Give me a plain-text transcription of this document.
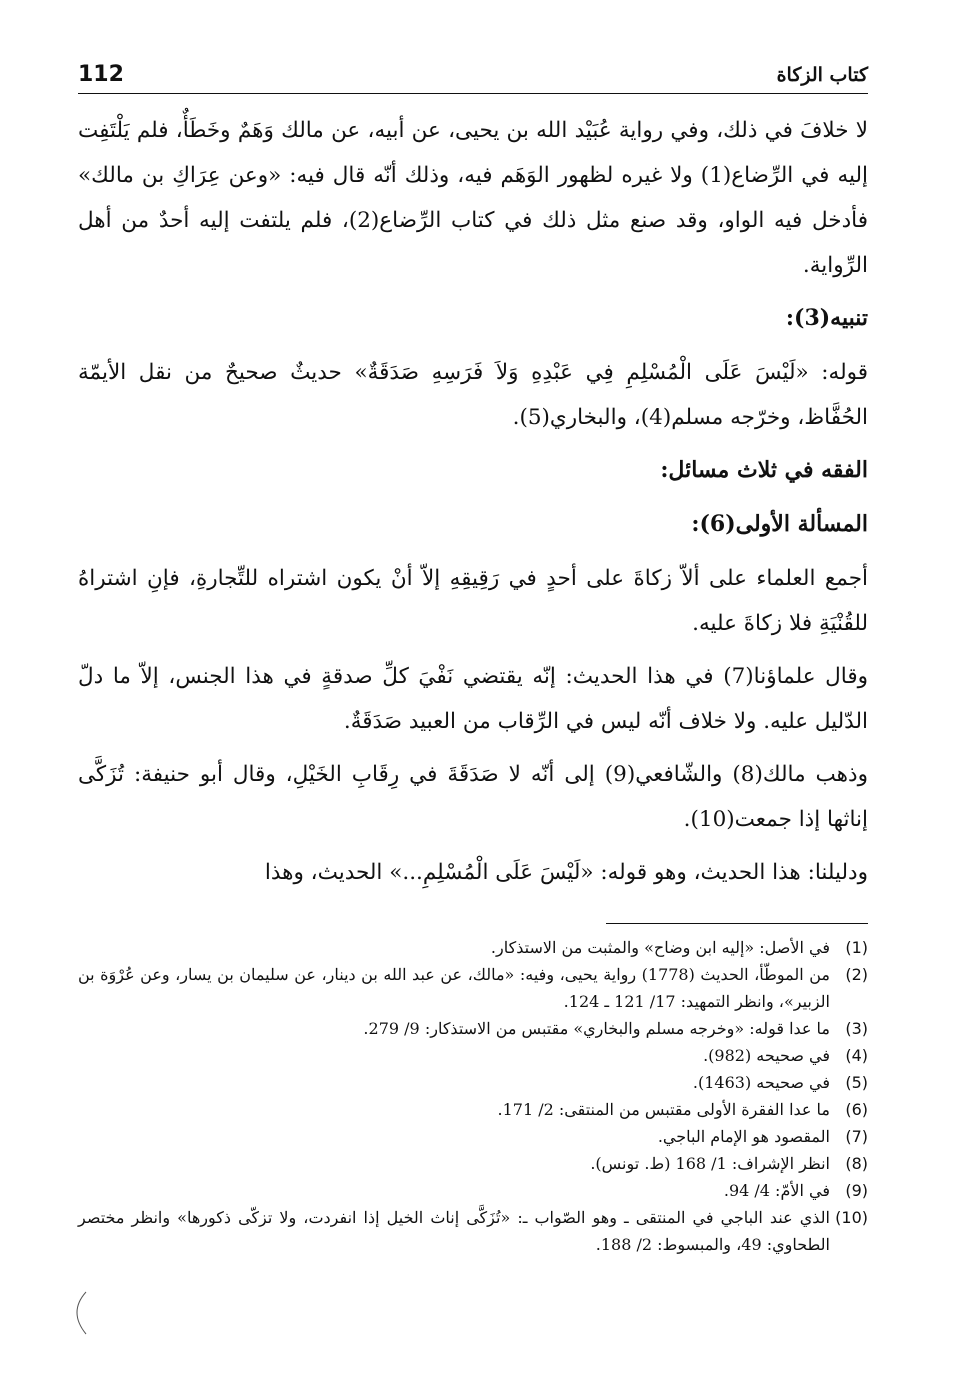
كتاب الزكاة
112

لا خلافَ في ذلك، وفي رواية عُبَيْد الله بن يحيى، عن أبيه، عن مالك وَهَمٌ وخَطَأٌ، فلم يَلْتَفِت إليه في الرِّضاع(1) ولا غيره لظهور الوَهَم فيه، وذلك أنّه قال فيه: «وعن عِرَاكِ بن مالك» فأدخل فيه الواو، وقد صنع مثل ذلك في كتاب الرِّضاع(2)، فلم يلتفت إليه أحدٌ من أهل الرِّواية.

تنبيه(3):

قوله: «لَيْسَ عَلَى الْمُسْلِمِ فِي عَبْدِهِ وَلاَ فَرَسِهِ صَدَقَةٌ» حديثٌ صحيحٌ من نقل الأيمّة الحُفَّاظ، وخرّجه مسلم(4)، والبخاري(5).

الفقه في ثلاث مسائل:
المسألة الأولى(6):

أجمع العلماء على ألاّ زكاةَ على أحدٍ في رَقِيقِهِ إلاّ أنْ يكون اشتراه للتِّجارةِ، فإنِ اشتراهُ للقُنْيَةِ فلا زكاةَ عليه.

وقال علماؤنا(7) في هذا الحديث: إنّه يقتضي نَفْيَ كلِّ صدقةٍ في هذا الجنس، إلاّ ما دلّ الدّليل عليه. ولا خلاف أنّه ليس في الرِّقاب من العبيد صَدَقَةٌ.

وذهب مالك(8) والشّافعي(9) إلى أنّه لا صَدَقَةَ في رِقَابِ الخَيْلِ، وقال أبو حنيفة: تُزَكَّى إناثها إذا جمعت(10).

ودليلنا: هذا الحديث، وهو قوله: «لَيْسَ عَلَى الْمُسْلِمِ...» الحديث، وهذا

(1)
في الأصل: «إليه ابن وضاح» والمثبت من الاستذكار.
(2)
من الموطّأ، الحديث (1778) رواية يحيى، وفيه: «مالك، عن عبد الله بن دينار، عن سليمان بن يسار، وعن عُرْوَة بن الزبير»، وانظر التمهيد: 17/ 121 ـ 124.
(3)
ما عدا قوله: «وخرجه مسلم والبخاري» مقتبس من الاستذكار: 9/ 279.
(4)
في صحيحه (982).
(5)
في صحيحه (1463).
(6)
ما عدا الفقرة الأولى مقتبس من المنتقى: 2/ 171.
(7)
المقصود هو الإمام الباجي.
(8)
انظر الإشراف: 1/ 168 (ط. تونس).
(9)
في الأمّ: 4/ 94.
(10)
الذي عند الباجي في المنتقى ـ وهو الصّواب ـ: «تُزَكَّى إناث الخيل إذا انفردت، ولا تزكّى ذكورها» وانظر مختصر الطحاوي: 49، والمبسوط: 2/ 188.
